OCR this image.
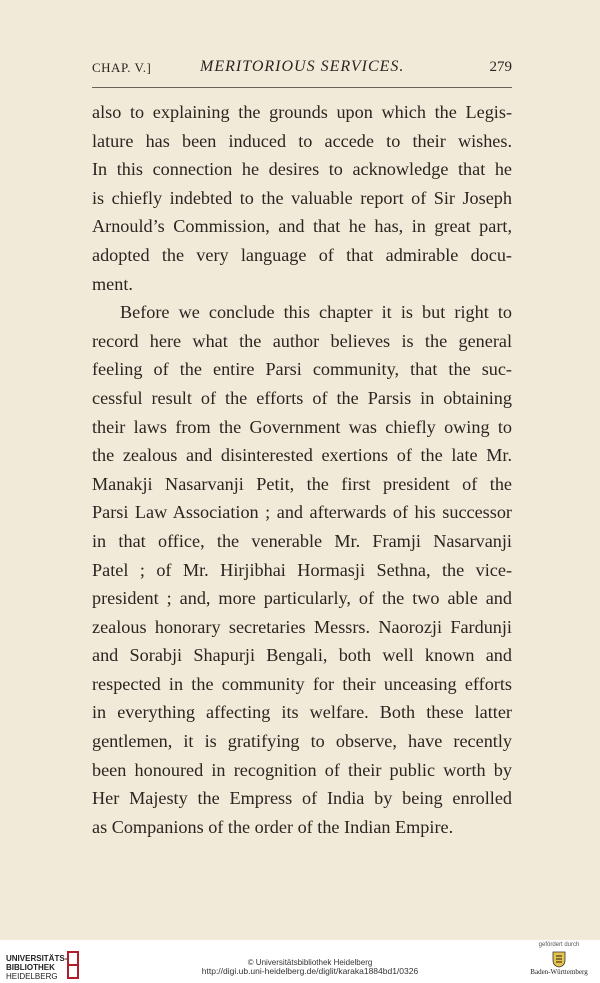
CHAP. V.]	MERITORIOUS SERVICES.	279

also to explaining the grounds upon which the Legis-
lature has been induced to accede to their wishes.
In this connection he desires to acknowledge that he
is chiefly indebted to the valuable report of Sir Joseph
Arnould’s Commission, and that he has, in great part,
adopted the very language of that admirable docu-
ment.

Before we conclude this chapter it is but right to
record here what the author believes is the general
feeling of the entire Parsi community, that the suc-
cessful result of the efforts of the Parsis in obtaining
their laws from the Government was chiefly owing to
the zealous and disinterested exertions of the late Mr.
Manakji Nasarvanji Petit, the first president of the
Parsi Law Association ; and afterwards of his successor
in that office, the venerable Mr. Framji Nasarvanji
Patel ; of Mr. Hirjibhai Hormasji Sethna, the vice-
president ; and, more particularly, of the two able and
zealous honorary secretaries Messrs. Naorozji Fardunji
and Sorabji Shapurji Bengali, both well known and
respected in the community for their unceasing efforts
in everything affecting its welfare. Both these latter
gentlemen, it is gratifying to observe, have recently
been honoured in recognition of their public worth by
Her Majesty the Empress of India by being enrolled
as Companions of the order of the Indian Empire.

UNIVERSITÄTS-
BIBLIOTHEK
HEIDELBERG
© Universitätsbibliothek Heidelberg
http://digi.ub.uni-heidelberg.de/diglit/karaka1884bd1/0326
gefördert durch
Baden-Württemberg
